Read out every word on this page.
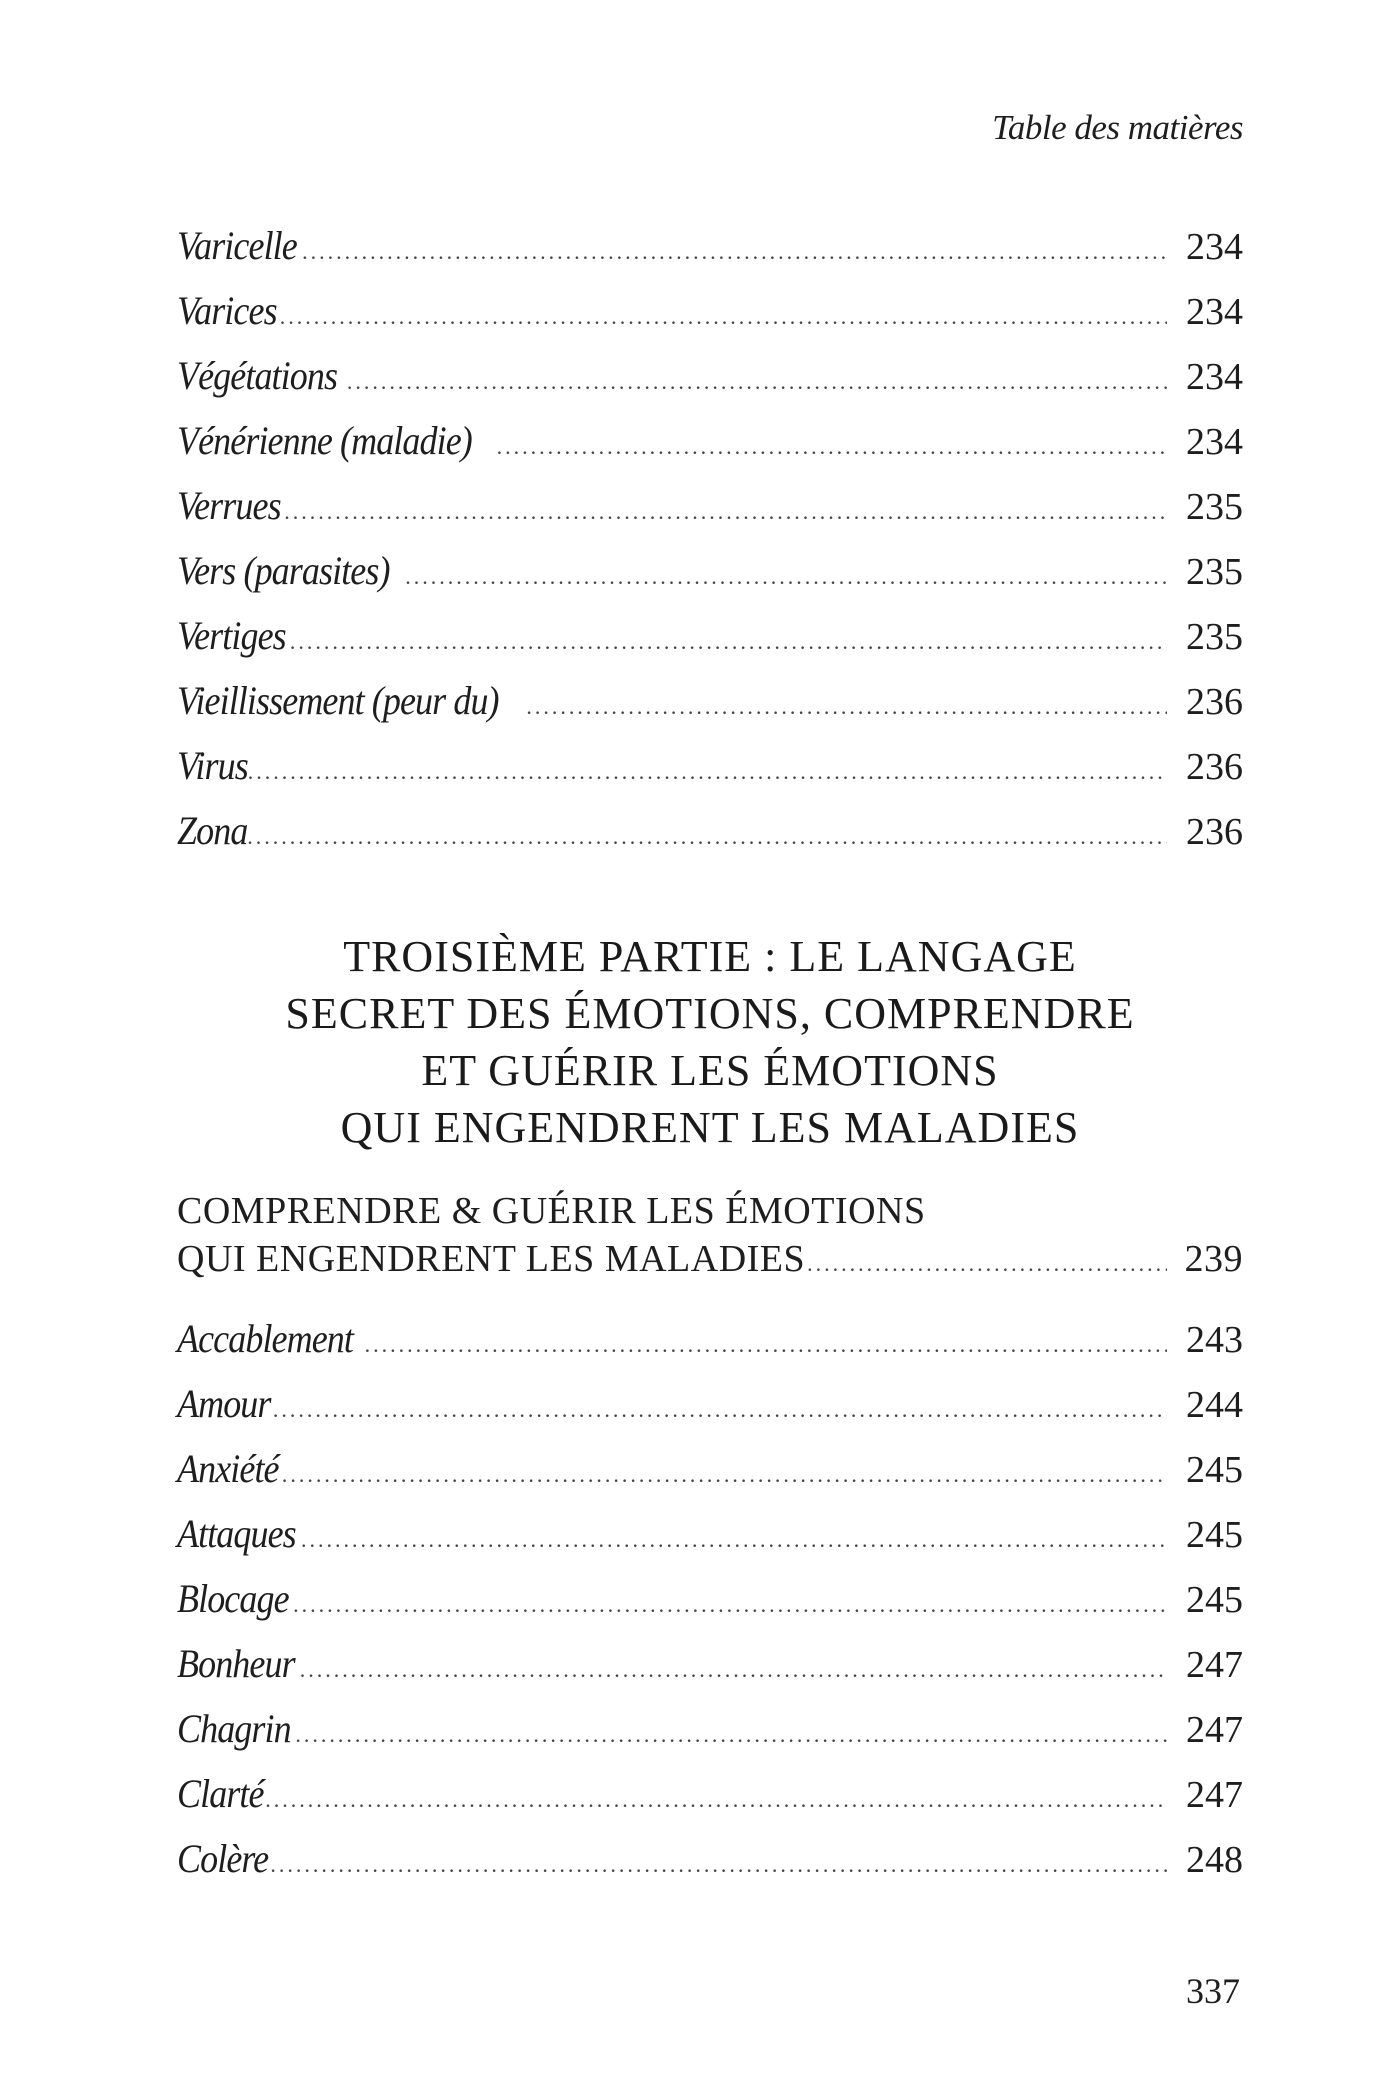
Table des matières
Varicelle .....	234
Varices .....	234
Végétations .....	234
Vénérienne (maladie) .....	234
Verrues .....	235
Vers (parasites) .....	235
Vertiges .....	235
Vieillissement (peur du) .....	236
Virus .....	236
Zona .....	236
TROISIÈME PARTIE : LE LANGAGE
SECRET DES ÉMOTIONS, COMPRENDRE
ET GUÉRIR LES ÉMOTIONS
QUI ENGENDRENT LES MALADIES
COMPRENDRE & GUÉRIR LES ÉMOTIONS
QUI ENGENDRENT LES MALADIES .....	239
Accablement .....	243
Amour .....	244
Anxiété .....	245
Attaques .....	245
Blocage .....	245
Bonheur .....	247
Chagrin .....	247
Clarté .....	247
Colère .....	248
337
